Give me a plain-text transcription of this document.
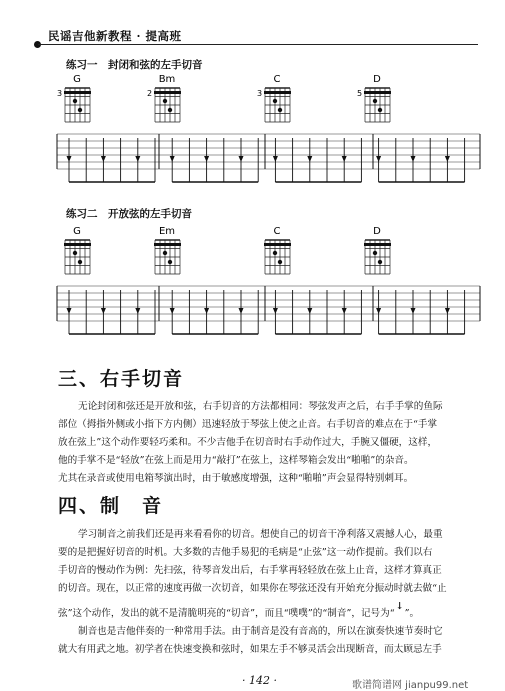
民谣吉他新教程 · 提高班
练习一　封闭和弦的左手切音
G
3
Bm
2
C
3
D
5
练习二　开放弦的左手切音
G	Em	C	D
三、右手切音
无论封闭和弦还是开放和弦，右手切音的方法都相同：琴弦发声之后，右手手掌的鱼际
部位（拇指外侧或小指下方内侧）迅速轻放于琴弦上使之止音。右手切音的难点在于“手掌
放在弦上”这个动作要轻巧柔和。不少吉他手在切音时右手动作过大，手腕又僵硬，这样，
他的手掌不是“轻放”在弦上而是用力“敲打”在弦上，这样琴箱会发出“啪啪”的杂音。
尤其在录音或使用电箱琴演出时，由于敏感度增强，这种“啪啪”声会显得特别刺耳。
四、制　音
学习制音之前我们还是再来看看你的切音。想使自己的切音干净利落又震撼人心，最重
要的是把握好切音的时机。大多数的吉他手易犯的毛病是“止弦”这一动作提前。我们以右
手切音的慢动作为例：先扫弦，待琴音发出后，右手掌再轻轻放在弦上止音，这样才算真正
的切音。现在，以正常的速度再做一次切音，如果你在琴弦还没有开始充分振动时就去做“止
弦”这个动作，发出的就不是清脆明亮的“切音”，而且“噗噗”的“制音”，记号为“↓”。
制音也是吉他伴奏的一种常用手法。由于制音是没有音高的，所以在演奏快速节奏时它
就大有用武之地。初学者在快速变换和弦时，如果左手不够灵活会出现断音，而太顾忌左手
· 142 ·	歌谱简谱网 jianpu99.net
